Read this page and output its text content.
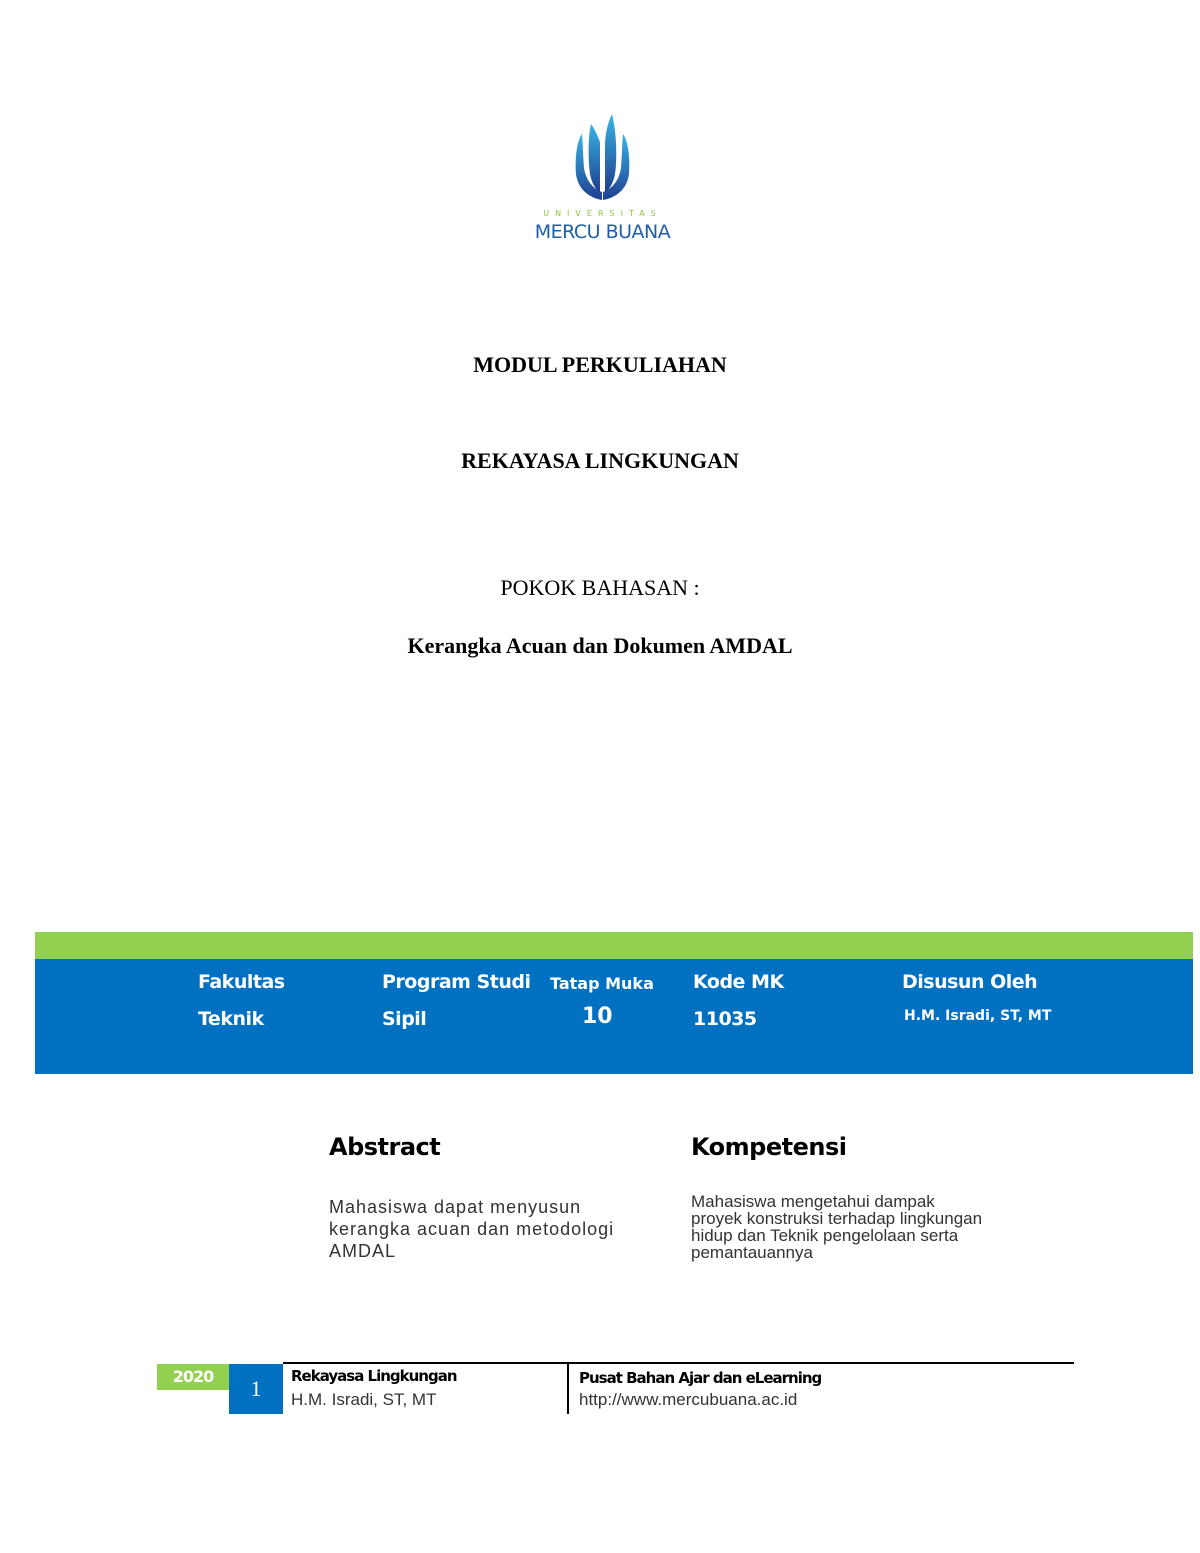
UNIVERSITAS
MERCU BUANA
MODUL PERKULIAHAN
REKAYASA LINGKUNGAN
POKOK BAHASAN :
Kerangka Acuan dan Dokumen AMDAL
Fakultas
Teknik
Program Studi
Sipil
Tatap Muka
10
Kode MK
11035
Disusun Oleh
H.M. Isradi, ST, MT
Abstract
Mahasiswa dapat menyusun
kerangka acuan dan metodologi
AMDAL
Kompetensi
Mahasiswa mengetahui dampak
proyek konstruksi terhadap lingkungan
hidup dan Teknik pengelolaan serta
pemantauannya
2020	1	Rekayasa Lingkungan
H.M. Isradi, ST, MT
Pusat Bahan Ajar dan eLearning
http://www.mercubuana.ac.id
